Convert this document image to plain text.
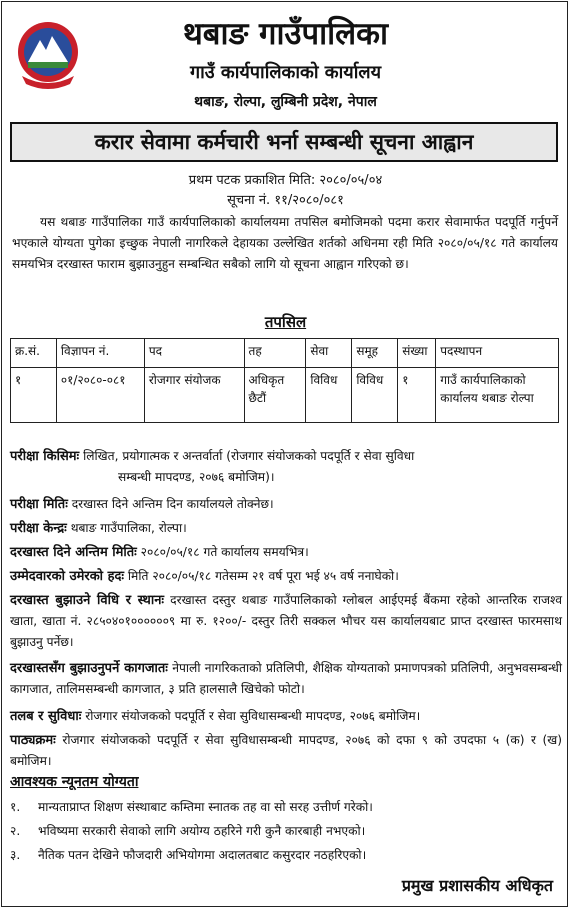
थबाङ गाउँपालिका
गाउँ कार्यपालिकाको कार्यालय
थबाङ, रोल्पा, लुम्बिनी प्रदेश, नेपाल
करार सेवामा कर्मचारी भर्ना सम्बन्धी सूचना आह्वान
प्रथम पटक प्रकाशित मिति: २०८०/०५/०४
सूचना नं. ११/२०८०/०८१
यस थबाङ गाउँपालिका गाउँ कार्यपालिकाको कार्यालयमा तपसिल बमोजिमको पदमा करार सेवामार्फत पदपूर्ति गर्नुपर्ने भएकाले योग्यता पुगेका इच्छुक नेपाली नागरिकले देहायका उल्लेखित शर्तको अधिनमा रही मिति २०८०/०५/१८ गते कार्यालय समयभित्र दरखास्त फाराम बुझाउनुहुन सम्बन्धित सबैको लागि यो सूचना आह्वान गरिएको छ।
तपसिल
क्र.सं.	विज्ञापन नं.	पद	तह	सेवा	समूह	संख्या	पदस्थापन
१	०१/२०८०-०८१	रोजगार संयोजक	अधिकृत छैटौं	विविध	विविध	१	गाउँ कार्यपालिकाको कार्यालय थबाङ रोल्पा
परीक्षा किसिमः लिखित, प्रयोगात्मक र अन्तर्वार्ता (रोजगार संयोजकको पदपूर्ति र सेवा सुविधा
सम्बन्धी मापदण्ड, २०७६ बमोजिम)।
परीक्षा मितिः दरखास्त दिने अन्तिम दिन कार्यालयले तोक्नेछ।
परीक्षा केन्द्रः थबाङ गाउँपालिका, रोल्पा।
दरखास्त दिने अन्तिम मितिः २०८०/०५/१८ गते कार्यालय समयभित्र।
उम्मेदवारको उमेरको हदः मिति २०८०/०५/१८ गतेसम्म २१ वर्ष पूरा भई ४५ वर्ष ननाघेको।
दरखास्त बुझाउने विधि र स्थानः दरखास्त दस्तुर थबाङ गाउँपालिकाको ग्लोबल आईएमई बैंकमा रहेको आन्तरिक राजश्व खाता, खाता नं. २८५०४०१००००००९ मा रु. १२००/- दस्तुर तिरी सक्कल भौचर यस कार्यालयबाट प्राप्त दरखास्त फारमसाथ बुझाउनु पर्नेछ।
दरखास्तसँग बुझाउनुपर्ने कागजातः नेपाली नागरिकताको प्रतिलिपी, शैक्षिक योग्यताको प्रमाणपत्रको प्रतिलिपी, अनुभवसम्बन्धी कागजात, तालिमसम्बन्धी कागजात, ३ प्रति हालसालै खिचेको फोटो।
तलब र सुविधाः रोजगार संयोजकको पदपूर्ति र सेवा सुविधासम्बन्धी मापदण्ड, २०७६ बमोजिम।
पाठ्यक्रमः रोजगार संयोजकको पदपूर्ति र सेवा सुविधासम्बन्धी मापदण्ड, २०७६ को दफा ९ को उपदफा ५ (क) र (ख) बमोजिम।
आवश्यक न्यूनतम योग्यता
१. मान्यताप्राप्त शिक्षण संस्थाबाट कम्तिमा स्नातक तह वा सो सरह उत्तीर्ण गरेको।
२. भविष्यमा सरकारी सेवाको लागि अयोग्य ठहरिने गरी कुनै कारबाही नभएको।
३. नैतिक पतन देखिने फौजदारी अभियोगमा अदालतबाट कसुरदार नठहरिएको।
प्रमुख प्रशासकीय अधिकृत
